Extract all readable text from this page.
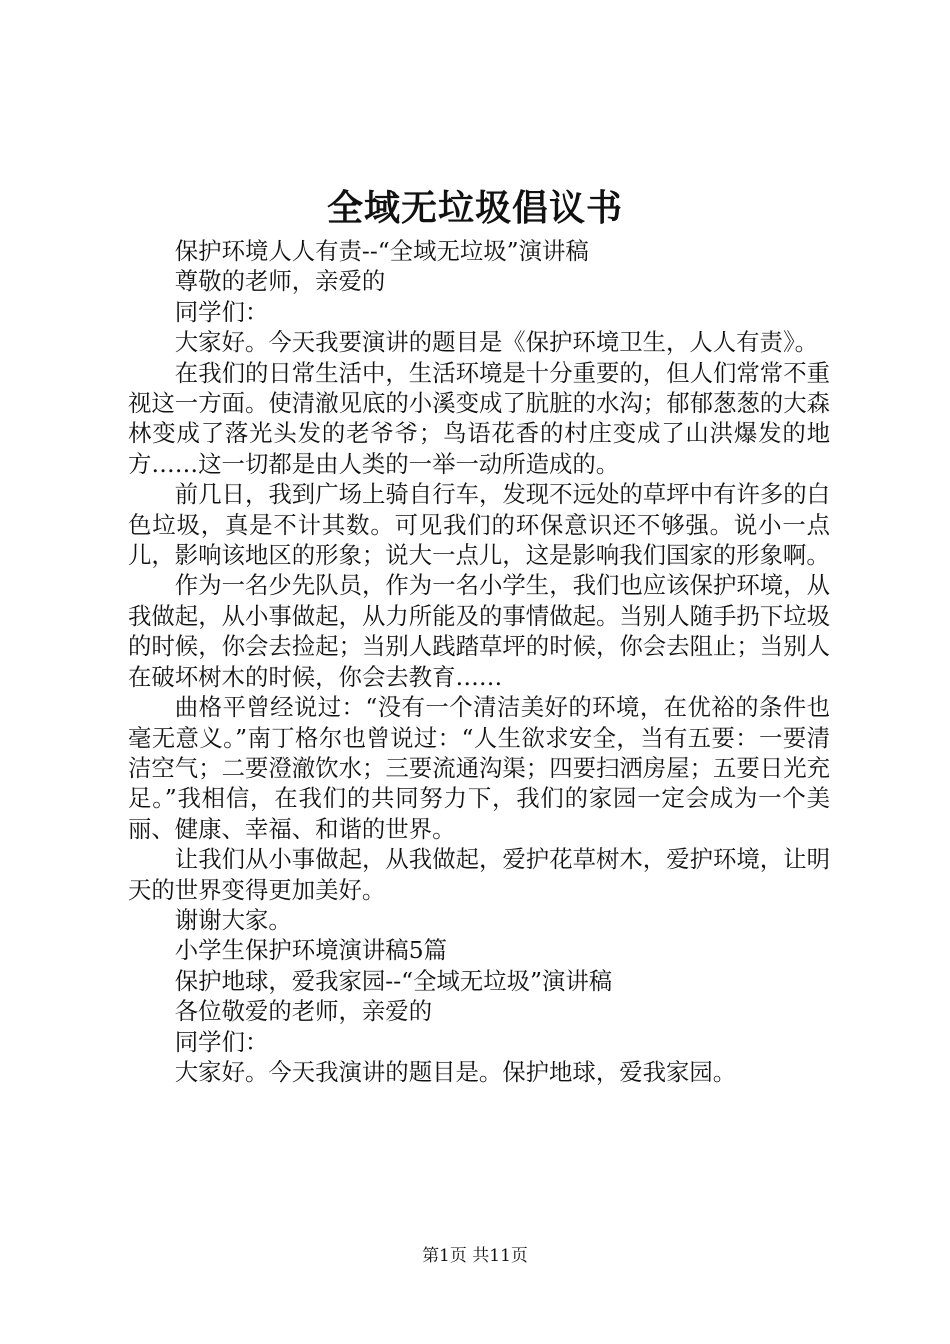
全域无垃圾倡议书

保护环境人人有责--“全域无垃圾”演讲稿

尊敬的老师，亲爱的

同学们：

大家好。今天我要演讲的题目是《保护环境卫生，人人有责》。

在我们的日常生活中，生活环境是十分重要的，但人们常常不重视这一方面。使清澈见底的小溪变成了肮脏的水沟；郁郁葱葱的大森林变成了落光头发的老爷爷；鸟语花香的村庄变成了山洪爆发的地方……这一切都是由人类的一举一动所造成的。

前几日，我到广场上骑自行车，发现不远处的草坪中有许多的白色垃圾，真是不计其数。可见我们的环保意识还不够强。说小一点儿，影响该地区的形象；说大一点儿，这是影响我们国家的形象啊。

作为一名少先队员，作为一名小学生，我们也应该保护环境，从我做起，从小事做起，从力所能及的事情做起。当别人随手扔下垃圾的时候，你会去捡起；当别人践踏草坪的时候，你会去阻止；当别人在破坏树木的时候，你会去教育……

曲格平曾经说过：“没有一个清洁美好的环境，在优裕的条件也毫无意义。”南丁格尔也曾说过：“人生欲求安全，当有五要：一要清洁空气；二要澄澈饮水；三要流通沟渠；四要扫洒房屋；五要日光充足。”我相信，在我们的共同努力下，我们的家园一定会成为一个美丽、健康、幸福、和谐的世界。

让我们从小事做起，从我做起，爱护花草树木，爱护环境，让明天的世界变得更加美好。

谢谢大家。

小学生保护环境演讲稿5篇

保护地球，爱我家园--“全域无垃圾”演讲稿

各位敬爱的老师，亲爱的

同学们：

大家好。今天我演讲的题目是。保护地球，爱我家园。

第1页 共11页
